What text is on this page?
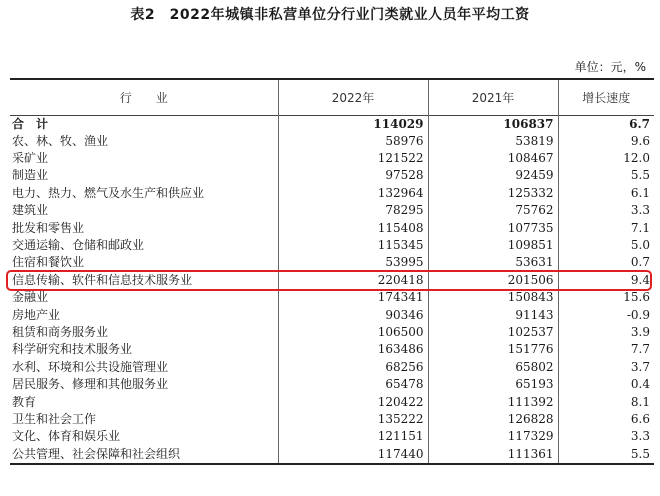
表2　2022年城镇非私营单位分行业门类就业人员年平均工资
单位：元，%
行　　业	2022年	2021年	增长速度
合　计	114029	106837	6.7
农、林、牧、渔业	58976	53819	9.6
采矿业	121522	108467	12.0
制造业	97528	92459	5.5
电力、热力、燃气及水生产和供应业	132964	125332	6.1
建筑业	78295	75762	3.3
批发和零售业	115408	107735	7.1
交通运输、仓储和邮政业	115345	109851	5.0
住宿和餐饮业	53995	53631	0.7
信息传输、软件和信息技术服务业	220418	201506	9.4
金融业	174341	150843	15.6
房地产业	90346	91143	-0.9
租赁和商务服务业	106500	102537	3.9
科学研究和技术服务业	163486	151776	7.7
水利、环境和公共设施管理业	68256	65802	3.7
居民服务、修理和其他服务业	65478	65193	0.4
教育	120422	111392	8.1
卫生和社会工作	135222	126828	6.6
文化、体育和娱乐业	121151	117329	3.3
公共管理、社会保障和社会组织	117440	111361	5.5
